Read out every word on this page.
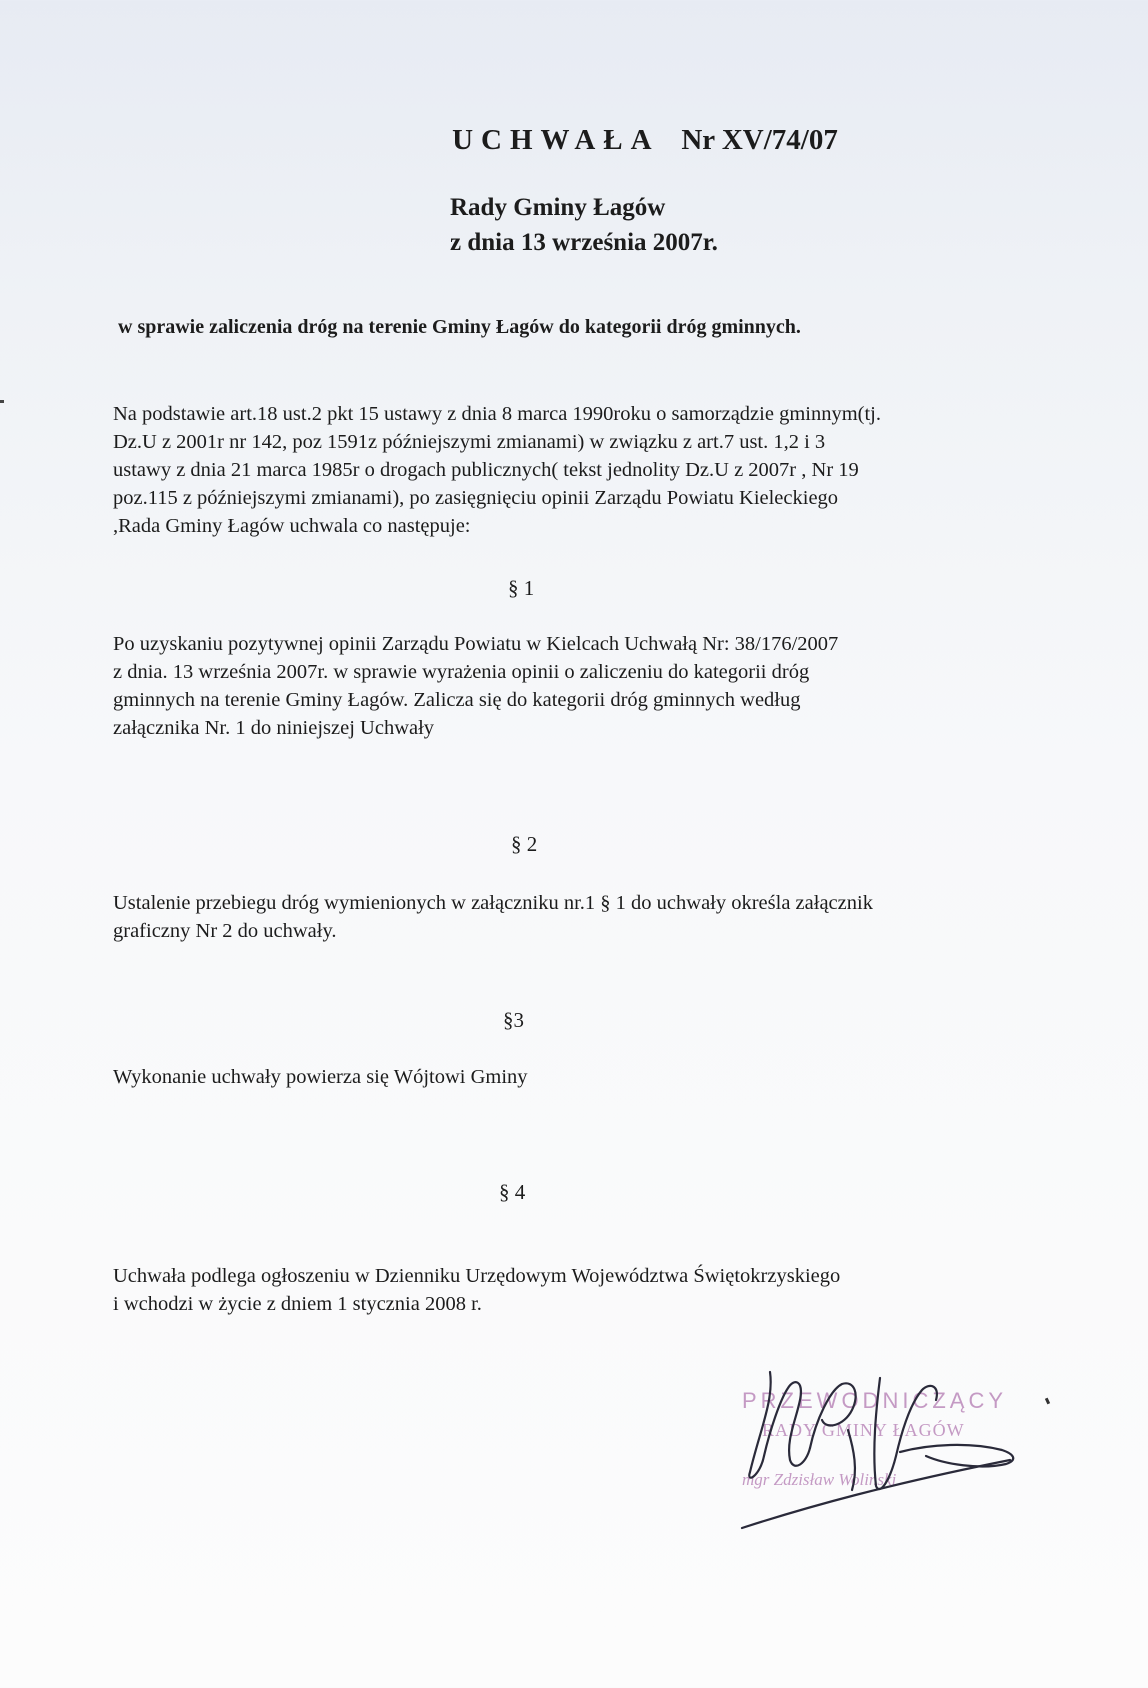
UCHWAŁA Nr XV/74/07
Rady Gminy Łagów
z dnia 13 września 2007r.

w sprawie zaliczenia dróg na terenie Gminy Łagów do kategorii dróg gminnych.

Na podstawie art.18 ust.2 pkt 15 ustawy z dnia 8 marca 1990roku o samorządzie gminnym(tj.
Dz.U z 2001r nr 142, poz 1591z późniejszymi zmianami) w związku z art.7 ust. 1,2 i 3
ustawy z dnia 21 marca 1985r o drogach publicznych( tekst jednolity Dz.U z 2007r , Nr 19
poz.115 z późniejszymi zmianami), po zasięgnięciu opinii Zarządu Powiatu Kieleckiego
,Rada Gminy Łagów uchwala co następuje:

§ 1

Po uzyskaniu pozytywnej opinii Zarządu Powiatu w Kielcach Uchwałą Nr: 38/176/2007
z dnia. 13 września 2007r. w sprawie wyrażenia opinii o zaliczeniu do kategorii dróg
gminnych na terenie Gminy Łagów. Zalicza się do kategorii dróg gminnych według
załącznika Nr. 1 do niniejszej Uchwały

§ 2

Ustalenie przebiegu dróg wymienionych w załączniku nr.1 § 1 do uchwały określa załącznik
graficzny Nr 2 do uchwały.

§3

Wykonanie uchwały powierza się Wójtowi Gminy

§ 4

Uchwała podlega ogłoszeniu w Dzienniku Urzędowym Województwa Świętokrzyskiego
i wchodzi w życie z dniem 1 stycznia 2008 r.

PRZEWODNICZĄCY
RADY GMINY ŁAGÓW
mgr Zdzisław Wolinski
